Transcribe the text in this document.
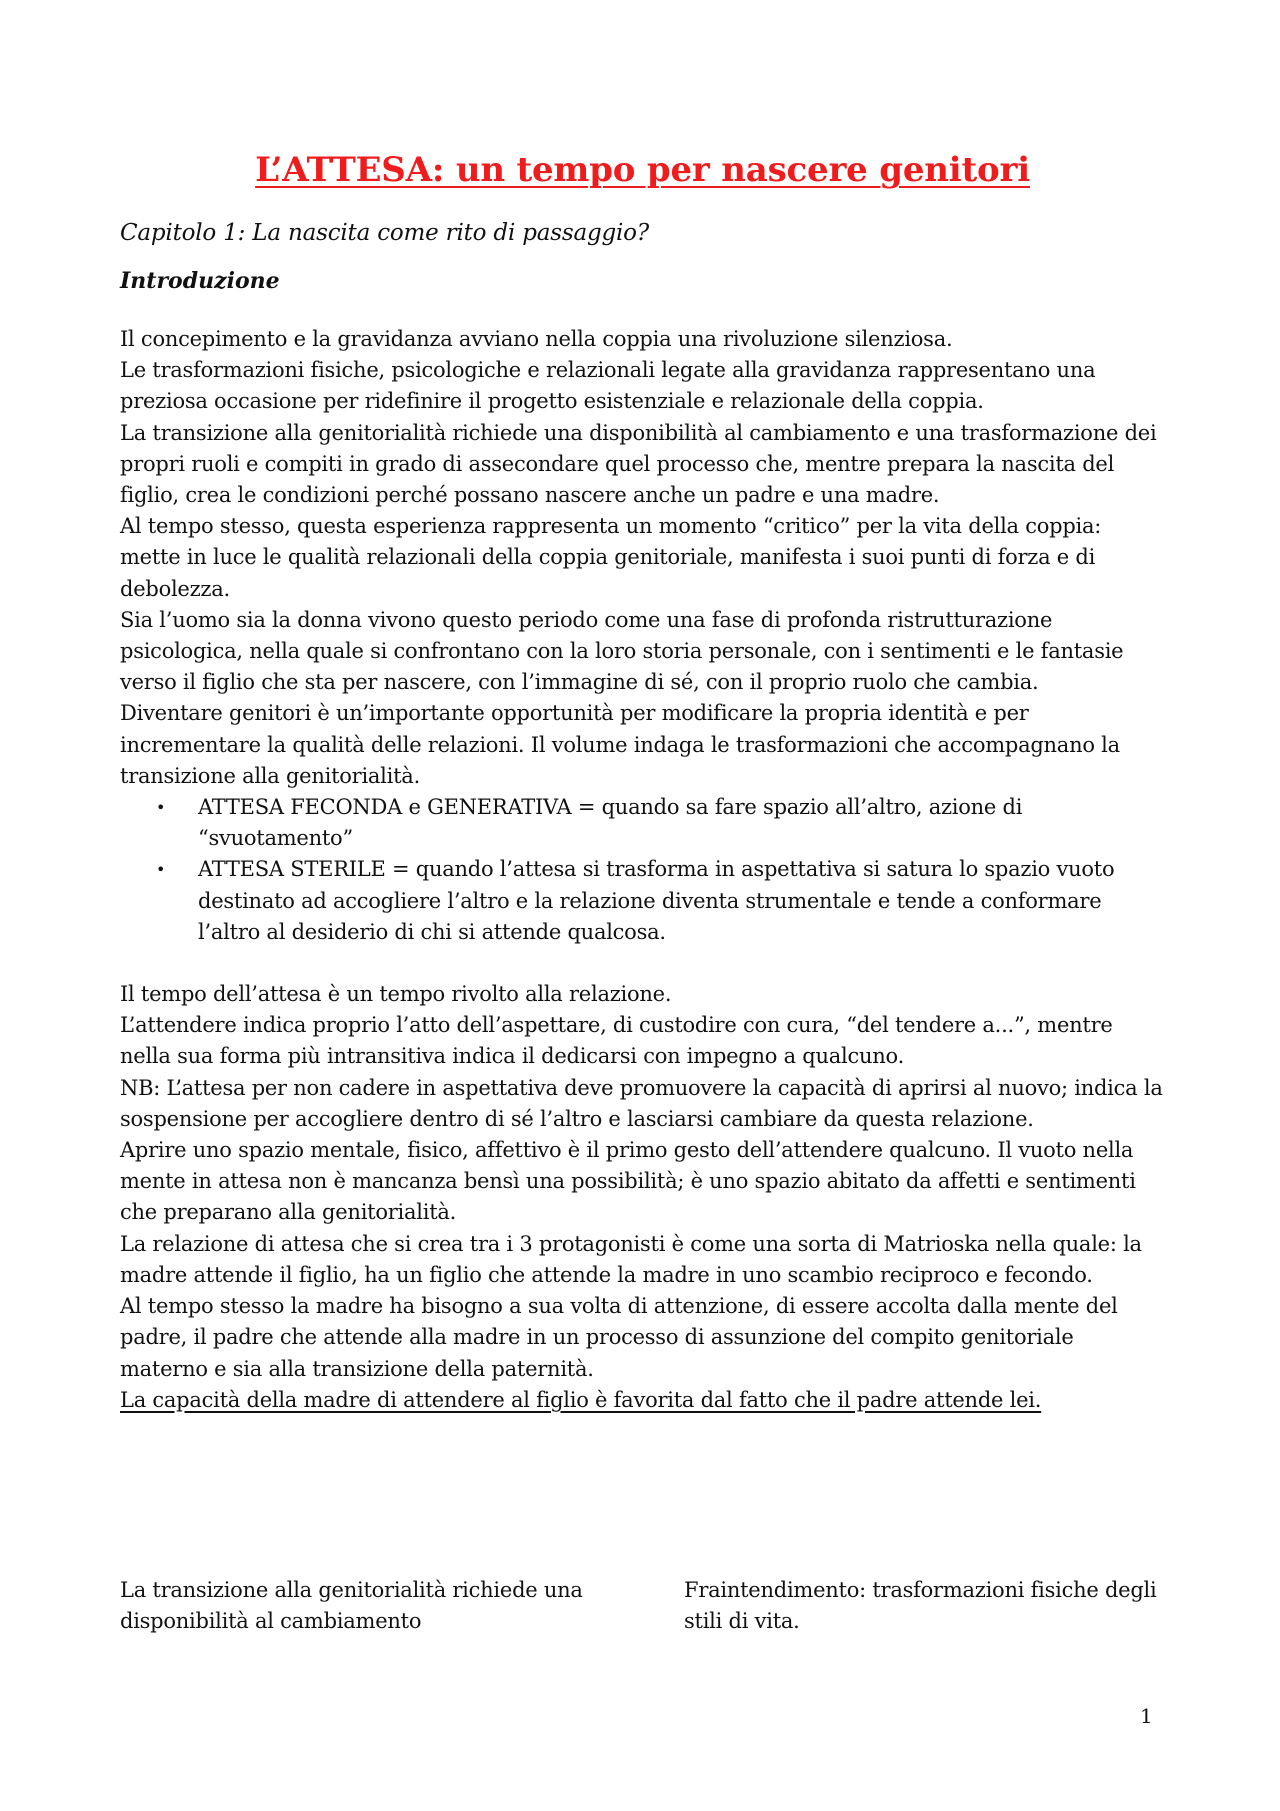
L’ATTESA: un tempo per nascere genitori

Capitolo 1: La nascita come rito di passaggio?

Introduzione

Il concepimento e la gravidanza avviano nella coppia una rivoluzione silenziosa.

Le trasformazioni fisiche, psicologiche e relazionali legate alla gravidanza rappresentano una preziosa occasione per ridefinire il progetto esistenziale e relazionale della coppia.

La transizione alla genitorialità richiede una disponibilità al cambiamento e una trasformazione dei propri ruoli e compiti in grado di assecondare quel processo che, mentre prepara la nascita del figlio, crea le condizioni perché possano nascere anche un padre e una madre.

Al tempo stesso, questa esperienza rappresenta un momento “critico” per la vita della coppia: mette in luce le qualità relazionali della coppia genitoriale, manifesta i suoi punti di forza e di debolezza.

Sia l’uomo sia la donna vivono questo periodo come una fase di profonda ristrutturazione psicologica, nella quale si confrontano con la loro storia personale, con i sentimenti e le fantasie verso il figlio che sta per nascere, con l’immagine di sé, con il proprio ruolo che cambia.

Diventare genitori è un’importante opportunità per modificare la propria identità e per incrementare la qualità delle relazioni. Il volume indaga le trasformazioni che accompagnano la transizione alla genitorialità.

• ATTESA FECONDA e GENERATIVA = quando sa fare spazio all’altro, azione di “svuotamento”
• ATTESA STERILE = quando l’attesa si trasforma in aspettativa si satura lo spazio vuoto destinato ad accogliere l’altro e la relazione diventa strumentale e tende a conformare l’altro al desiderio di chi si attende qualcosa.

Il tempo dell’attesa è un tempo rivolto alla relazione.

L’attendere indica proprio l’atto dell’aspettare, di custodire con cura, “del tendere a...”, mentre nella sua forma più intransitiva indica il dedicarsi con impegno a qualcuno.

NB: L’attesa per non cadere in aspettativa deve promuovere la capacità di aprirsi al nuovo; indica la sospensione per accogliere dentro di sé l’altro e lasciarsi cambiare da questa relazione.

Aprire uno spazio mentale, fisico, affettivo è il primo gesto dell’attendere qualcuno. Il vuoto nella mente in attesa non è mancanza bensì una possibilità; è uno spazio abitato da affetti e sentimenti che preparano alla genitorialità.

La relazione di attesa che si crea tra i 3 protagonisti è come una sorta di Matrioska nella quale: la madre attende il figlio, ha un figlio che attende la madre in uno scambio reciproco e fecondo.

Al tempo stesso la madre ha bisogno a sua volta di attenzione, di essere accolta dalla mente del padre, il padre che attende alla madre in un processo di assunzione del compito genitoriale materno e sia alla transizione della paternità.

La capacità della madre di attendere al figlio è favorita dal fatto che il padre attende lei.

La transizione alla genitorialità richiede una disponibilità al cambiamento
Fraintendimento: trasformazioni fisiche degli stili di vita.
1
